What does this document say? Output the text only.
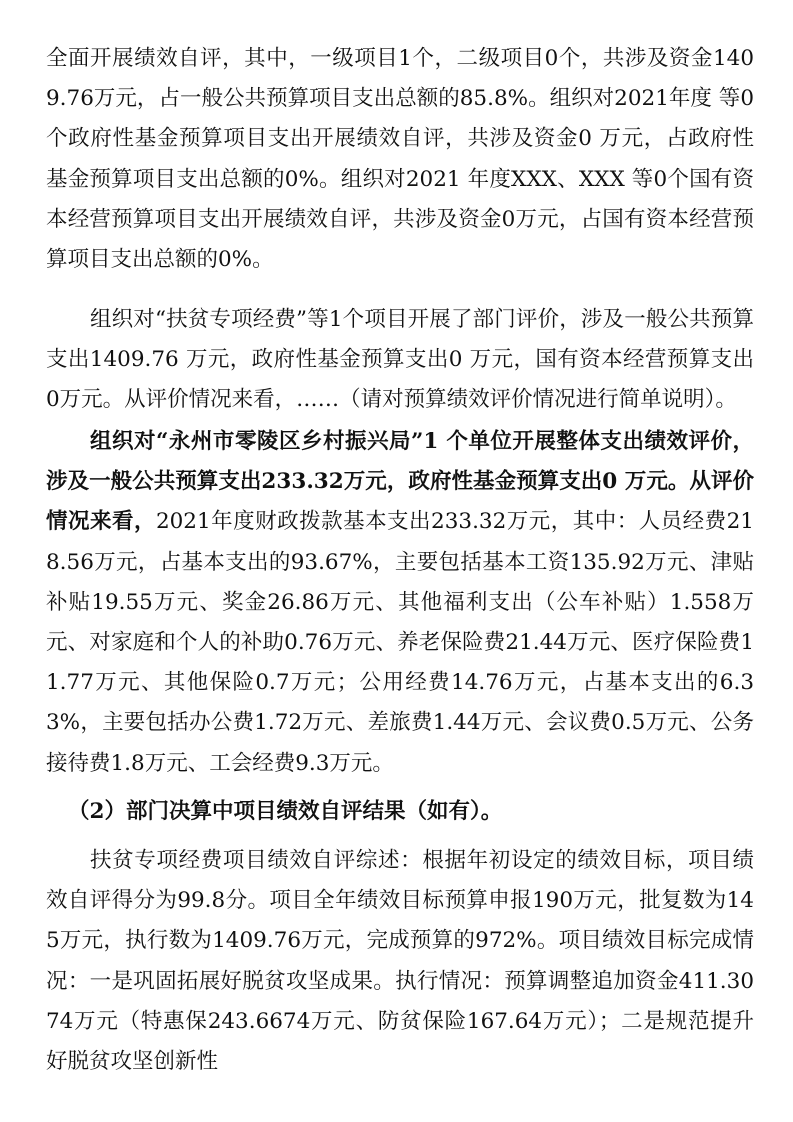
全面开展绩效自评，其中，一级项目1个，二级项目0个，共涉及资金1409.76万元，占一般公共预算项目支出总额的85.8%。组织对2021年度 等0个政府性基金预算项目支出开展绩效自评，共涉及资金0 万元，占政府性基金预算项目支出总额的0%。组织对2021 年度XXX、XXX 等0个国有资本经营预算项目支出开展绩效自评，共涉及资金0万元，占国有资本经营预算项目支出总额的0%。

组织对“扶贫专项经费”等1个项目开展了部门评价，涉及一般公共预算支出1409.76 万元，政府性基金预算支出0 万元，国有资本经营预算支出0万元。从评价情况来看，……（请对预算绩效评价情况进行简单说明）。

组织对“永州市零陵区乡村振兴局”1 个单位开展整体支出绩效评价，涉及一般公共预算支出233.32万元，政府性基金预算支出0 万元。从评价情况来看，2021年度财政拨款基本支出233.32万元，其中：人员经费218.56万元，占基本支出的93.67%，主要包括基本工资135.92万元、津贴补贴19.55万元、奖金26.86万元、其他福利支出（公车补贴）1.558万元、对家庭和个人的补助0.76万元、养老保险费21.44万元、医疗保险费11.77万元、其他保险0.7万元；公用经费14.76万元，占基本支出的6.33%，主要包括办公费1.72万元、差旅费1.44万元、会议费0.5万元、公务接待费1.8万元、工会经费9.3万元。

（2）部门决算中项目绩效自评结果（如有）。

扶贫专项经费项目绩效自评综述：根据年初设定的绩效目标，项目绩效自评得分为99.8分。项目全年绩效目标预算申报190万元，批复数为145万元，执行数为1409.76万元，完成预算的972%。项目绩效目标完成情况：一是巩固拓展好脱贫攻坚成果。执行情况：预算调整追加资金411.3074万元（特惠保243.6674万元、防贫保险167.64万元）；二是规范提升好脱贫攻坚创新性
